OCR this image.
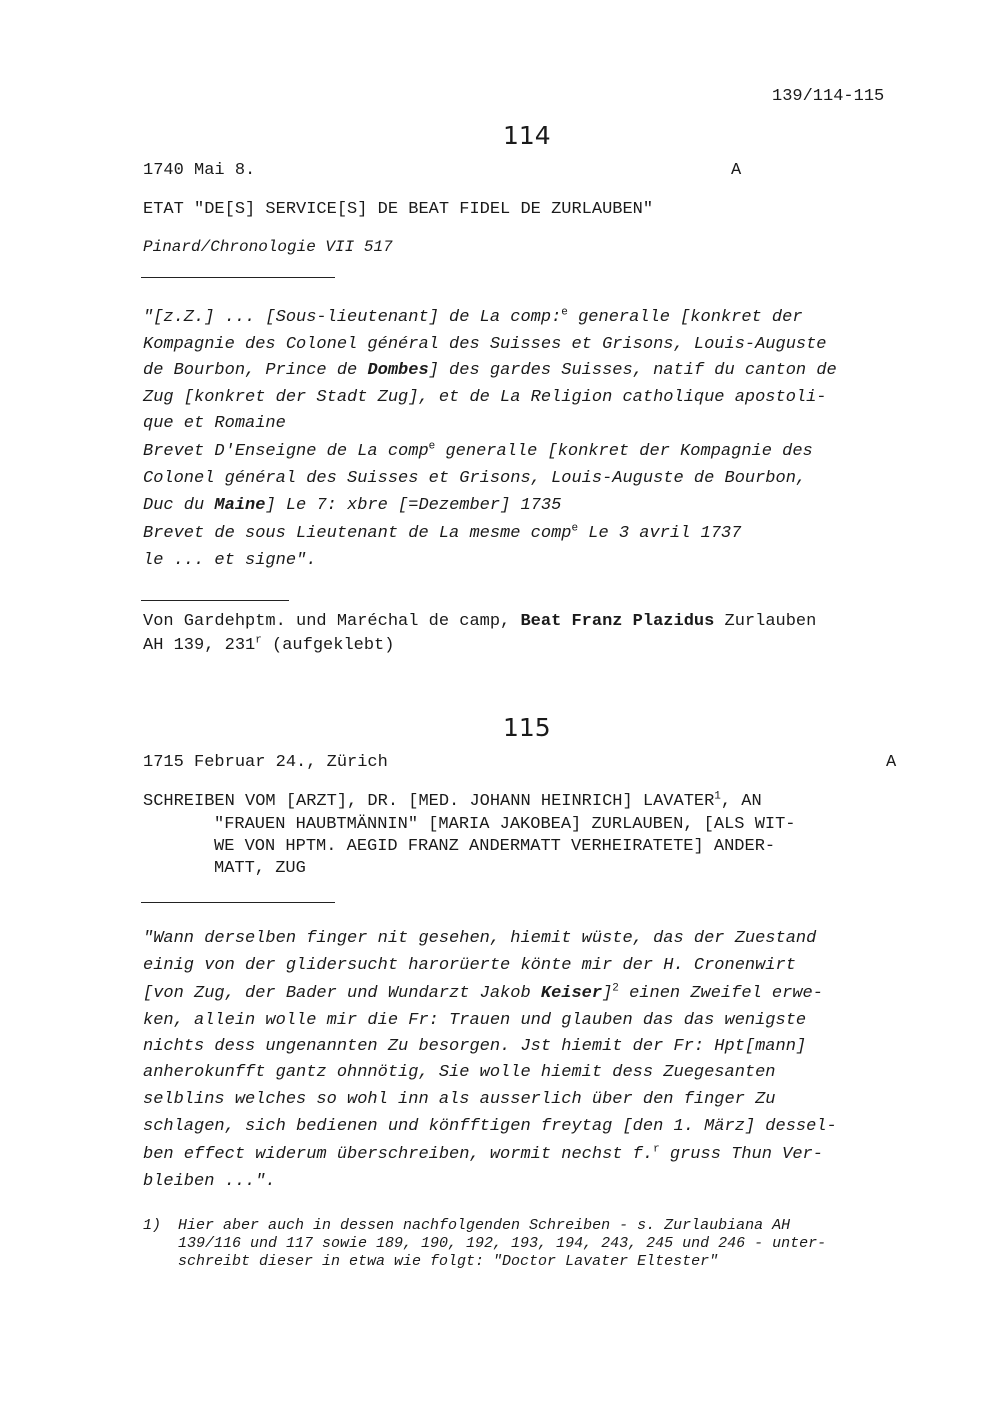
139/114-115
114
1740 Mai 8.	A
ETAT "DE[S] SERVICE[S] DE BEAT FIDEL DE ZURLAUBEN"
Pinard/Chronologie VII 517
"[z.Z.] ... [Sous-lieutenant] de La comp:$^e$ generalle [konkret der
Kompagnie des Colonel général des Suisses et Grisons, Louis-Auguste
de Bourbon, Prince de Dombes] des gardes Suisses, natif du canton de
Zug [konkret der Stadt Zug], et de La Religion catholique apostoli-
que et Romaine
Brevet D'Enseigne de La comp$^e$ generalle [konkret der Kompagnie des
Colonel général des Suisses et Grisons, Louis-Auguste de Bourbon,
Duc du Maine] Le 7: xbre [=Dezember] 1735
Brevet de sous Lieutenant de La mesme comp$^e$ Le 3 avril 1737
le ... et signe".
Von Gardehptm. und Maréchal de camp, Beat Franz Plazidus Zurlauben
AH 139, 231$^r$ (aufgeklebt)
115
1715 Februar 24., Zürich	A
SCHREIBEN VOM [ARZT], DR. [MED. JOHANN HEINRICH] LAVATER$^1$, AN
"FRAUEN HAUBTMÄNNIN" [MARIA JAKOBEA] ZURLAUBEN, [ALS WIT-
WE VON HPTM. AEGID FRANZ ANDERMATT VERHEIRATETE] ANDER-
MATT, ZUG
"Wann derselben finger nit gesehen, hiemit wüste, das der Zuestand
einig von der glidersucht harorüerte könte mir der H. Cronenwirt
[von Zug, der Bader und Wundarzt Jakob Keiser]$^2$ einen Zweifel erwe-
ken, allein wolle mir die Fr: Trauen und glauben das das wenigste
nichts dess ungenannten Zu besorgen. Jst hiemit der Fr: Hpt[mann]
anherokunfft gantz ohnnötig, Sie wolle hiemit dess Zuegesanten
selblins welches so wohl inn als ausserlich über den finger Zu
schlagen, sich bedienen und könfftigen freytag [den 1. März] dessel-
ben effect widerum überschreiben, wormit nechst f.$^r$ gruss Thun Ver-
bleiben ...".
1) Hier aber auch in dessen nachfolgenden Schreiben - s. Zurlaubiana AH
139/116 und 117 sowie 189, 190, 192, 193, 194, 243, 245 und 246 - unter-
schreibt dieser in etwa wie folgt: "Doctor Lavater Eltester"
